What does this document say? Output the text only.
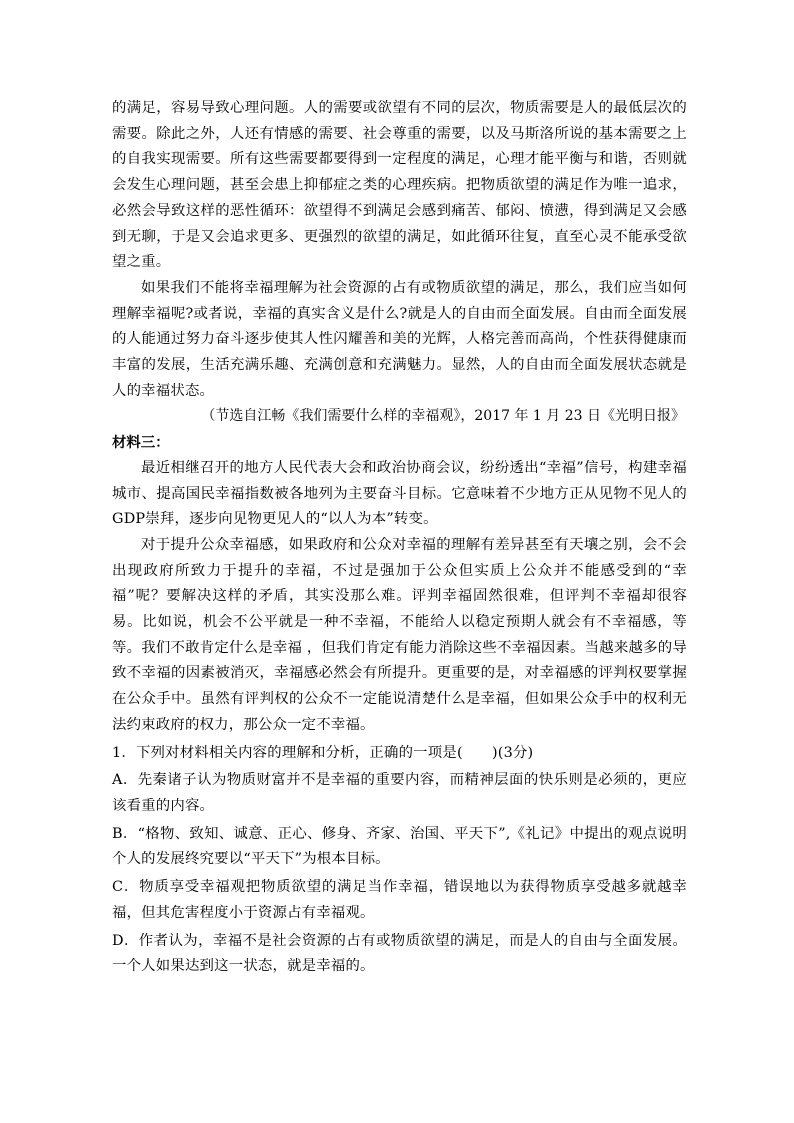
的满足，容易导致心理问题。人的需要或欲望有不同的层次，物质需要是人的最低层次的需要。除此之外，人还有情感的需要、社会尊重的需要，以及马斯洛所说的基本需要之上的自我实现需要。所有这些需要都要得到一定程度的满足，心理才能平衡与和谐，否则就会发生心理问题，甚至会患上抑郁症之类的心理疾病。把物质欲望的满足作为唯一追求，必然会导致这样的恶性循环：欲望得不到满足会感到痛苦、郁闷、愤懑，得到满足又会感到无聊，于是又会追求更多、更强烈的欲望的满足，如此循环往复，直至心灵不能承受欲望之重。

如果我们不能将幸福理解为社会资源的占有或物质欲望的满足，那么，我们应当如何理解幸福呢?或者说，幸福的真实含义是什么?就是人的自由而全面发展。自由而全面发展的人能通过努力奋斗逐步使其人性闪耀善和美的光辉，人格完善而高尚，个性获得健康而丰富的发展，生活充满乐趣、充满创意和充满魅力。显然，人的自由而全面发展状态就是人的幸福状态。

（节选自江畅《我们需要什么样的幸福观》，2017 年 1 月 23 日《光明日报》

材料三：

最近相继召开的地方人民代表大会和政治协商会议，纷纷透出“幸福”信号，构建幸福城市、提高国民幸福指数被各地列为主要奋斗目标。它意味着不少地方正从见物不见人的GDP崇拜，逐步向见物更见人的“以人为本”转变。

对于提升公众幸福感，如果政府和公众对幸福的理解有差异甚至有天壤之别，会不会出现政府所致力于提升的幸福，不过是强加于公众但实质上公众并不能感受到的“幸福”呢？要解决这样的矛盾，其实没那么难。评判幸福固然很难，但评判不幸福却很容易。比如说，机会不公平就是一种不幸福，不能给人以稳定预期人就会有不幸福感，等等。我们不敢肯定什么是幸福 ，但我们肯定有能力消除这些不幸福因素。当越来越多的导致不幸福的因素被消灭，幸福感必然会有所提升。更重要的是，对幸福感的评判权要掌握在公众手中。虽然有评判权的公众不一定能说清楚什么是幸福，但如果公众手中的权利无法约束政府的权力，那公众一定不幸福。

1．下列对材料相关内容的理解和分析，正确的一项是(　　)(3分)

A．先秦诸子认为物质财富并不是幸福的重要内容，而精神层面的快乐则是必须的，更应该看重的内容。

B．“格物、致知、诚意、正心、修身、齐家、治国、平天下”,《礼记》中提出的观点说明个人的发展终究要以“平天下”为根本目标。

C．物质享受幸福观把物质欲望的满足当作幸福，错误地以为获得物质享受越多就越幸福，但其危害程度小于资源占有幸福观。

D．作者认为，幸福不是社会资源的占有或物质欲望的满足，而是人的自由与全面发展。一个人如果达到这一状态，就是幸福的。
